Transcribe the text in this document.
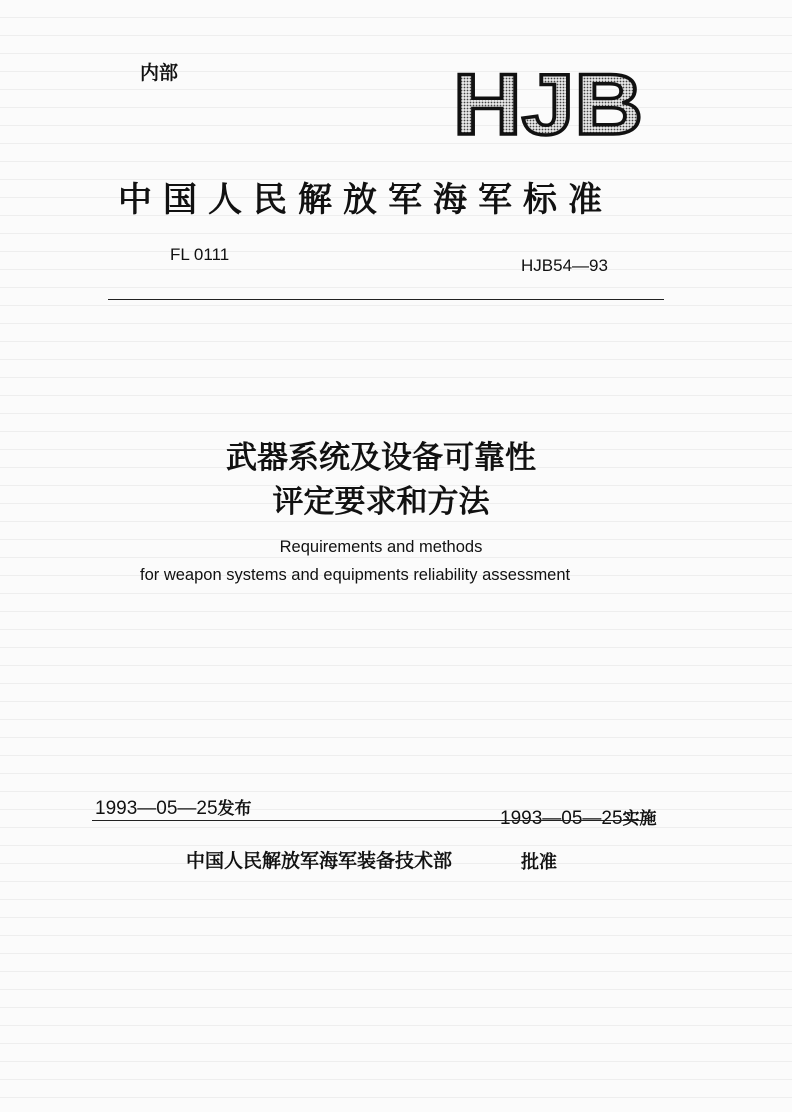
内部	HJB
中国人民解放军海军标准
FL 0111
HJB54—93
武器系统及设备可靠性
评定要求和方法
Requirements and methods
for weapon systems and equipments reliability assessment
1993—05—25发布	1993—05—25实施
中国人民解放军海军装备技术部	批准
